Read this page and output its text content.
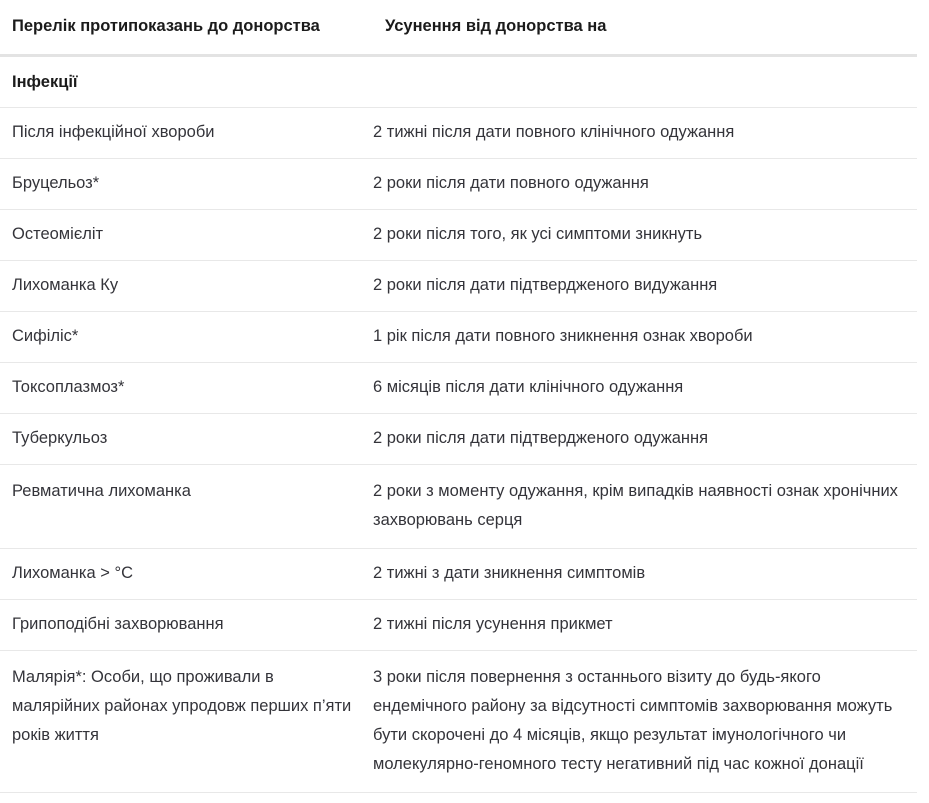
Перелік протипоказань до донорства	Усунення від донорства на
Інфекції	
Після інфекційної хвороби	2 тижні після дати повного клінічного одужання
Бруцельоз*	2 роки після дати повного одужання
Остеомієліт	2 роки після того, як усі симптоми зникнуть
Лихоманка Ку	2 роки після дати підтвердженого видужання
Сифіліс*	1 рік після дати повного зникнення ознак хвороби
Токсоплазмоз*	6 місяців після дати клінічного одужання
Туберкульоз	2 роки після дати підтвердженого одужання
Ревматична лихоманка	2 роки з моменту одужання, крім випадків наявності ознак хронічних захворювань серця
Лихоманка > °C	2 тижні з дати зникнення симптомів
Грипоподібні захворювання	2 тижні після усунення прикмет
Малярія*: Особи, що проживали в малярійних районах упродовж перших п’яти років життя	3 роки після повернення з останнього візиту до будь-якого ендемічного району за відсутності симптомів захворювання можуть бути скорочені до 4 місяців, якщо результат імунологічного чи молекулярно-геномного тесту негативний під час кожної донації
